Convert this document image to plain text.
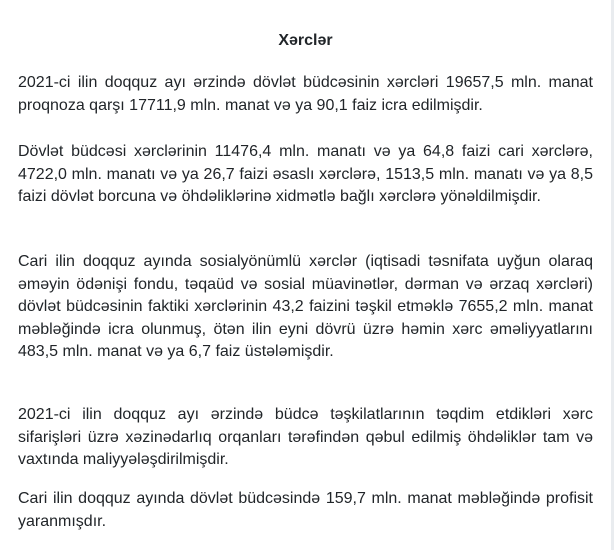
Xərclər

2021-ci ilin doqquz ayı ərzində dövlət büdcəsinin xərcləri 19657,5 mln. manat proqnoza qarşı 17711,9 mln. manat və ya 90,1 faiz icra edilmişdir.

Dövlət büdcəsi xərclərinin 11476,4 mln. manatı və ya 64,8 faizi cari xərclərə, 4722,0 mln. manatı və ya 26,7 faizi əsaslı xərclərə, 1513,5 mln. manatı və ya 8,5 faizi dövlət borcuna və öhdəliklərinə xidmətlə bağlı xərclərə yönəldilmişdir.

Cari ilin doqquz ayında sosialyönümlü xərclər (iqtisadi təsnifata uyğun olaraq əməyin ödənişi fondu, təqaüd və sosial müavinətlər, dərman və ərzaq xərcləri) dövlət büdcəsinin faktiki xərclərinin 43,2 faizini təşkil etməklə 7655,2 mln. manat məbləğində icra olunmuş, ötən ilin eyni dövrü üzrə həmin xərc əməliyyatlarını 483,5 mln. manat və ya 6,7 faiz üstələmişdir.

2021-ci ilin doqquz ayı ərzində büdcə təşkilatlarının təqdim etdikləri xərc sifarişləri üzrə xəzinədarlıq orqanları tərəfindən qəbul edilmiş öhdəliklər tam və vaxtında maliyyələşdirilmişdir.

Cari ilin doqquz ayında dövlət büdcəsində 159,7 mln. manat məbləğində profisit yaranmışdır.
